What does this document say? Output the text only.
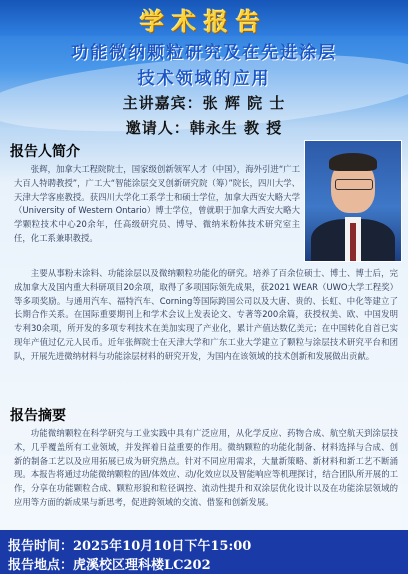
学术报告
功能微纳颗粒研究及在先进涂层
技术领域的应用
主讲嘉宾：张 辉 院 士
邀请人：韩永生 教 授
报告人简介

张辉，加拿大工程院院士，国家级创新领军人才（中国），海外引进“广工大百人特聘教授”，广工大“智能涂层交叉创新研究院（筹）”院长，四川大学、天津大学客座教授。获四川大学化工系学士和硕士学位，加拿大西安大略大学（University of Western Ontario）博士学位，曾就职于加拿大西安大略大学颗粒技术中心20余年，任高级研究员、博导、微纳米粉体技术研究室主任，化工系兼职教授。

主要从事粉末涂料、功能涂层以及微纳颗粒功能化的研究。培养了百余位硕士、博士、博士后，完成加拿大及国内重大科研项目20余项，取得了多项国际领先成果，获2021 WEAR（UWO大学工程奖）等多项奖励。与通用汽车、福特汽车、Corning等国际跨国公司以及大唐、贵的、长虹、中化等建立了长期合作关系。在国际重要期刊上和学术会议上发表论文、专著等200余篇，获授权美、欧、中国发明专利30余项，所开发的多项专利技术在美加实现了产业化，累计产值达数亿美元；在中国转化自首已实现年产值过亿元人民币。近年张辉院士在天津大学和广东工业大学建立了颗粒与涂层技术研究平台和团队，开展先进微纳材料与功能涂层材料的研究开发，为国内在该领域的技术创新和发展做出贡献。

报告摘要

功能微纳颗粒在科学研究与工业实践中具有广泛应用，从化学反应、药物合成、航空航天到涂层技术，几乎覆盖所有工业领域，并发挥着日益重要的作用。微纳颗粒的功能化制备、材料选择与合成、创新的制备工艺以及应用拓展已成为研究热点。针对不同应用需求，大量新策略、新材料和新工艺不断涌现。本报告将通过功能微纳颗粒的固/体效应、动/化效应以及智能响应等机理探讨，结合团队所开展的工作，分享在功能颗粒合成、颗粒形貌和粒径调控、流动性提升和双涂层优化设计以及在功能涂层领域的应用等方面的新成果与新思考，促进跨领域的交流、借鉴和创新发展。

报告时间：2025年10月10日下午15:00
报告地点：虎溪校区理科楼LC202
